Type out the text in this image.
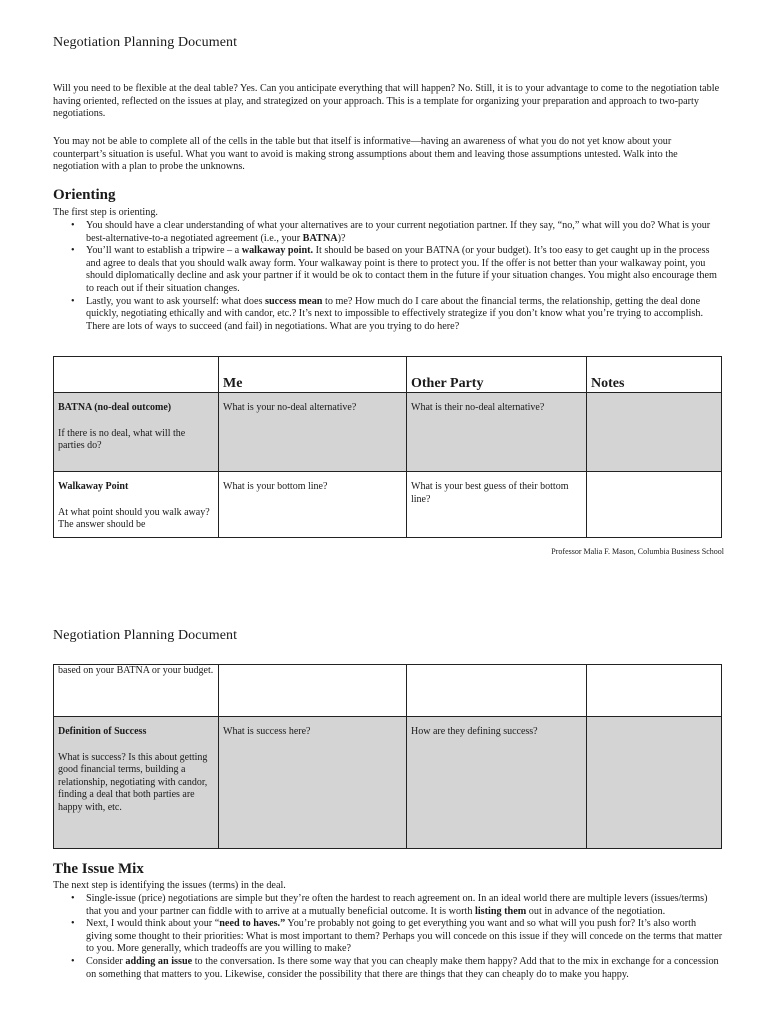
Negotiation Planning Document

Will you need to be flexible at the deal table? Yes. Can you anticipate everything that will happen? No. Still, it is to your advantage to come to the negotiation table having oriented, reflected on the issues at play, and strategized on your approach. This is a template for organizing your preparation and approach to two-party negotiations.

You may not be able to complete all of the cells in the table but that itself is informative—having an awareness of what you do not yet know about your counterpart’s situation is useful. What you want to avoid is making strong assumptions about them and leaving those assumptions untested. Walk into the negotiation with a plan to probe the unknowns.

Orienting

The first step is orienting.

• You should have a clear understanding of what your alternatives are to your current negotiation partner. If they say, “no,” what will you do? What is your best-alternative-to-a negotiated agreement (i.e., your BATNA)?
• You’ll want to establish a tripwire – a walkaway point. It should be based on your BATNA (or your budget). It’s too easy to get caught up in the process and agree to deals that you should walk away form. Your walkaway point is there to protect you. If the offer is not better than your walkaway point, you should diplomatically decline and ask your partner if it would be ok to contact them in the future if your situation changes. You might also encourage them to reach out if their situation changes.
• Lastly, you want to ask yourself: what does success mean to me? How much do I care about the financial terms, the relationship, getting the deal done quickly, negotiating ethically and with candor, etc.? It’s next to impossible to effectively strategize if you don’t know what you’re trying to accomplish. There are lots of ways to succeed (and fail) in negotiations. What are you trying to do here?
	Me	Other Party	Notes

BATNA (no-deal outcome)
If there is no deal, what will the parties do?	What is your no-deal alternative?	What is their no-deal alternative?	

Walkaway Point
At what point should you walk away? The answer should be	What is your bottom line?	What is your best guess of their bottom line?	

Professor Malia F. Mason, Columbia Business School
Negotiation Planning Document
based on your BATNA or your budget.			

Definition of Success
What is success? Is this about getting good financial terms, building a relationship, negotiating with candor, finding a deal that both parties are happy with, etc.	What is success here?	How are they defining success?	

The Issue Mix

The next step is identifying the issues (terms) in the deal.

• Single-issue (price) negotiations are simple but they’re often the hardest to reach agreement on. In an ideal world there are multiple levers (issues/terms) that you and your partner can fiddle with to arrive at a mutually beneficial outcome. It is worth listing them out in advance of the negotiation.
• Next, I would think about your “need to haves.” You’re probably not going to get everything you want and so what will you push for? It’s also worth giving some thought to their priorities: What is most important to them? Perhaps you will concede on this issue if they will concede on the terms that matter to you. More generally, which tradeoffs are you willing to make?
• Consider adding an issue to the conversation. Is there some way that you can cheaply make them happy? Add that to the mix in exchange for a concession on something that matters to you. Likewise, consider the possibility that there are things that they can cheaply do to make you happy.
